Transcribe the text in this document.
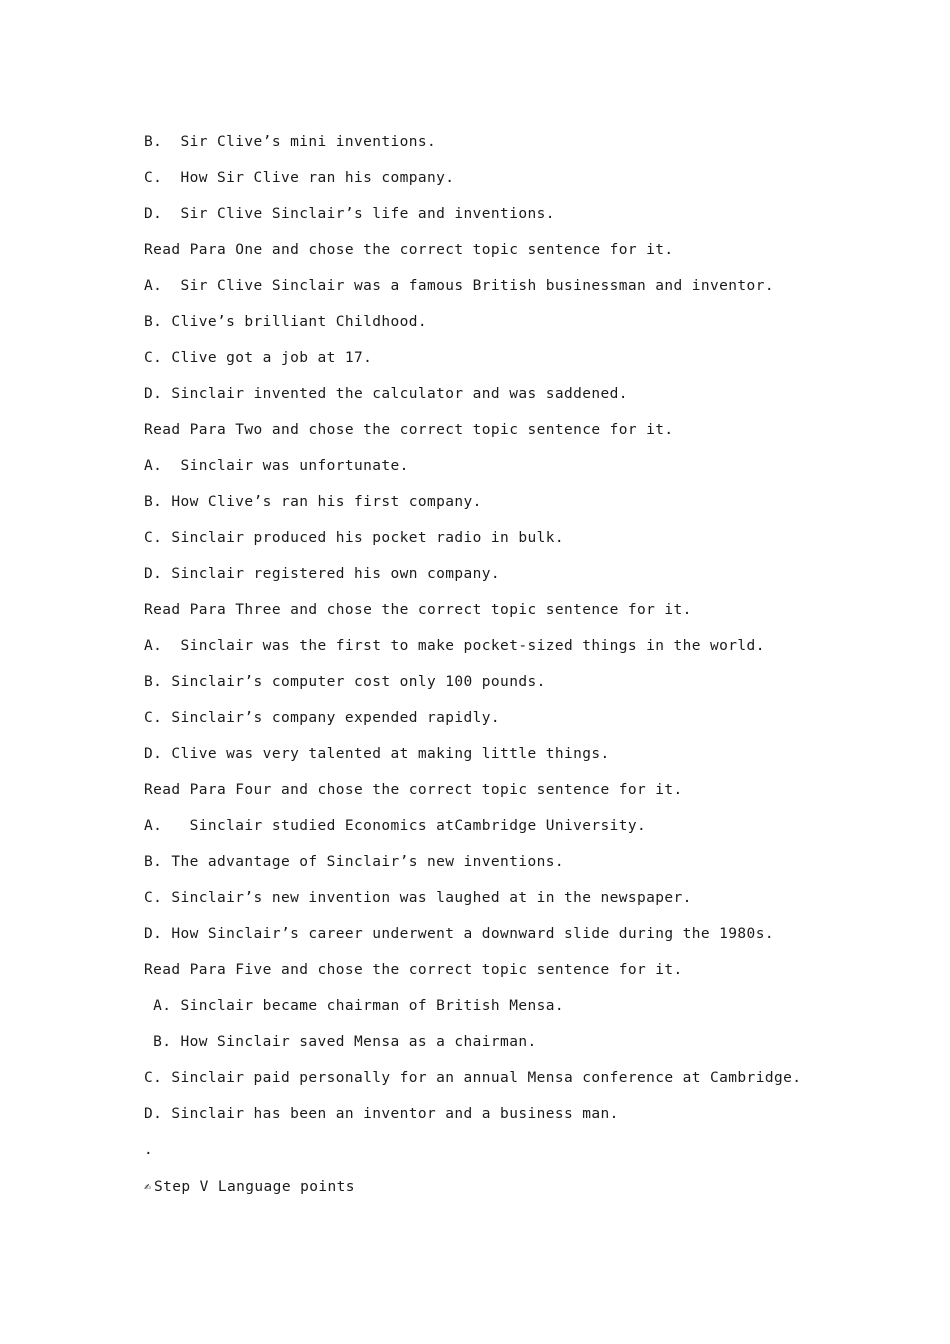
B.  Sir Clive’s mini inventions.
C.  How Sir Clive ran his company.
D.  Sir Clive Sinclair’s life and inventions.
Read Para One and chose the correct topic sentence for it.
A.  Sir Clive Sinclair was a famous British businessman and inventor.
B. Clive’s brilliant Childhood.
C. Clive got a job at 17.
D. Sinclair invented the calculator and was saddened.
Read Para Two and chose the correct topic sentence for it.
A.  Sinclair was unfortunate.
B. How Clive’s ran his first company.
C. Sinclair produced his pocket radio in bulk.
D. Sinclair registered his own company.
Read Para Three and chose the correct topic sentence for it.
A.  Sinclair was the first to make pocket-sized things in the world.
B. Sinclair’s computer cost only 100 pounds.
C. Sinclair’s company expended rapidly.
D. Clive was very talented at making little things.
Read Para Four and chose the correct topic sentence for it.
A.   Sinclair studied Economics atCambridge University.
B. The advantage of Sinclair’s new inventions.
C. Sinclair’s new invention was laughed at in the newspaper.
D. How Sinclair’s career underwent a downward slide during the 1980s.
Read Para Five and chose the correct topic sentence for it.
A. Sinclair became chairman of British Mensa.
B. How Sinclair saved Mensa as a chairman.
C. Sinclair paid personally for an annual Mensa conference at Cambridge.
D. Sinclair has been an inventor and a business man.
.
✍ Step V Language points
